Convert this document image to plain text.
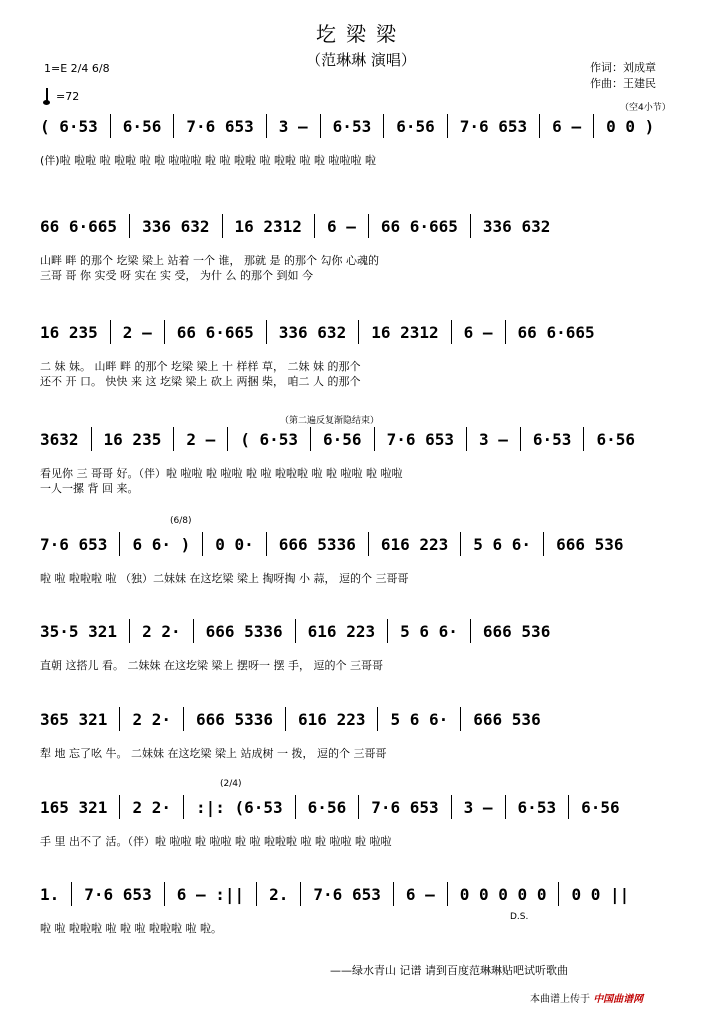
圪梁梁
（范琳琳 演唱）	作词：刘成章
作曲：王建民
1=E 2/4 6/8
=72
( 6·53 6·56 7·6 653 3 — 6·53 6·56 7·6 653 6 — 0 0 )
(伴)啦 啦啦 啦 啦啦 啦 啦 啦啦啦 啦 啦 啦啦 啦 啦啦 啦 啦 啦啦啦 啦
（空4小节）
66 6·665 336 632 16 2312 6 — 66 6·665 336 632
山畔 畔 的那个 圪梁 梁上 站着 一个 谁， 那就 是 的那个 勾你 心魂的
三哥 哥 你 实受 呀 实在 实 受， 为什 么 的那个 到如 今
16 235 2 — 66 6·665 336 632 16 2312 6 — 66 6·665
二 妹 妹。 山畔 畔 的那个 圪梁 梁上 十 样样 草， 二妹 妹 的那个
还不 开 口。 快快 来 这 圪梁 梁上 砍上 两捆 柴， 咱二 人 的那个
3632 16 235 2 — ( 6·53 6·56 7·6 653 3 — 6·53 6·56
看见你 三 哥哥 好。（伴）啦 啦啦 啦 啦啦 啦 啦 啦啦啦 啦 啦 啦啦 啦 啦啦
一人一摞 背 回 来。
（第二遍反复渐隐结束）
7·6 653 6 6· ) 0 0· 666 5336 616 223 5 6 6· 666 536
啦 啦 啦啦啦 啦 （独）二妹妹 在这圪梁 梁上 掏呀掏 小 蒜， 逗的个 三哥哥
(6/8)
35·5 321 2 2· 666 5336 616 223 5 6 6· 666 536
直朝 这搭儿 看。 二妹妹 在这圪梁 梁上 摆呀一 摆 手， 逗的个 三哥哥
365 321 2 2· 666 5336 616 223 5 6 6· 666 536
犁 地 忘了吆 牛。 二妹妹 在这圪梁 梁上 站成树 一 拨， 逗的个 三哥哥
165 321 2 2· :|: (6·53 6·56 7·6 653 3 — 6·53 6·56
手 里 出不了 活。（伴）啦 啦啦 啦 啦啦 啦 啦 啦啦啦 啦 啦 啦啦 啦 啦啦
(2/4)
1. 7·6 653 6 — :|| 2. 7·6 653 6 — 0 0 0 0 0 0 0 ||
啦 啦 啦啦啦 啦 啦 啦 啦啦啦 啦 啦。
D.S.
——绿水青山 记谱 请到百度范琳琳贴吧试听歌曲
本曲谱上传于 中国曲谱网
